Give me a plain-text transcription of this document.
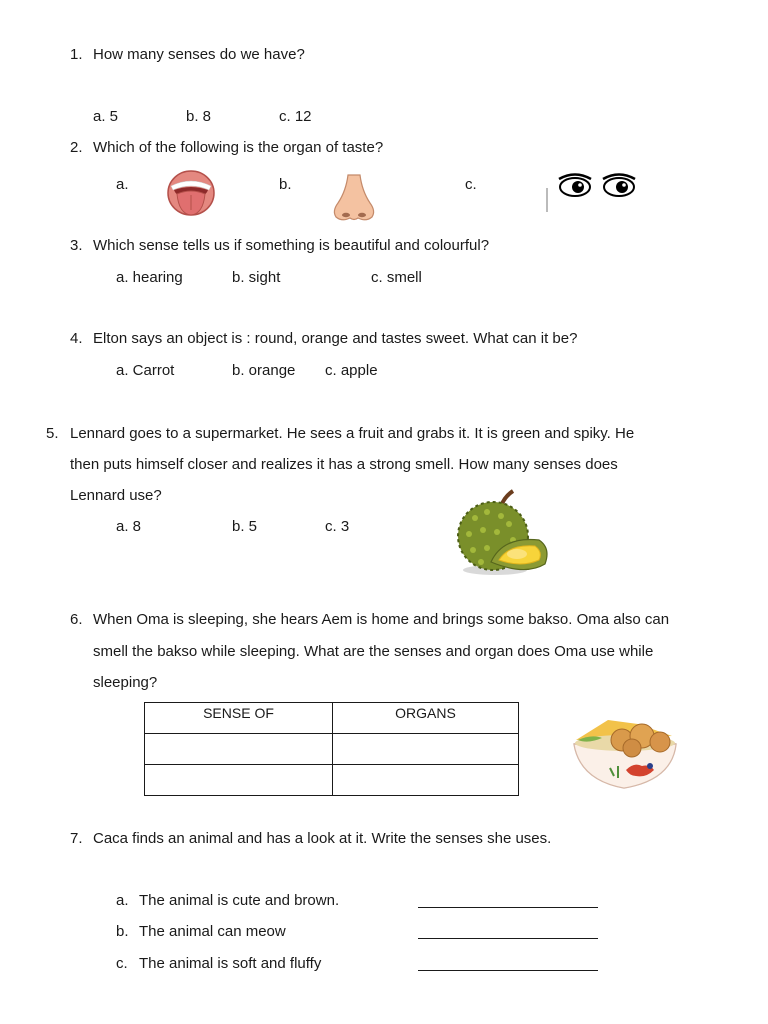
1. How many senses do we have?
a. 5	b. 8	c. 12
2. Which of the following is the organ of taste?
a.	b.	c.
3. Which sense tells us if something is beautiful and colourful?
a. hearing	b. sight	c. smell
4. Elton says an object is : round, orange and tastes sweet. What can it be?
a. Carrot	b. orange c. apple
5. Lennard goes to a supermarket. He sees a fruit and grabs it. It is green and spiky. He
then puts himself closer and realizes it has a strong smell. How many senses does
Lennard use?
a. 8	b. 5	c. 3
6. When Oma is sleeping, she hears Aem is home and brings some bakso. Oma also can
smell the bakso while sleeping. What are the senses and organ does Oma use while
sleeping?
SENSE OF	ORGANS

7. Caca finds an animal and has a look at it. Write the senses she uses.
a. The animal is cute and brown.
b. The animal can meow
c. The animal is soft and fluffy
